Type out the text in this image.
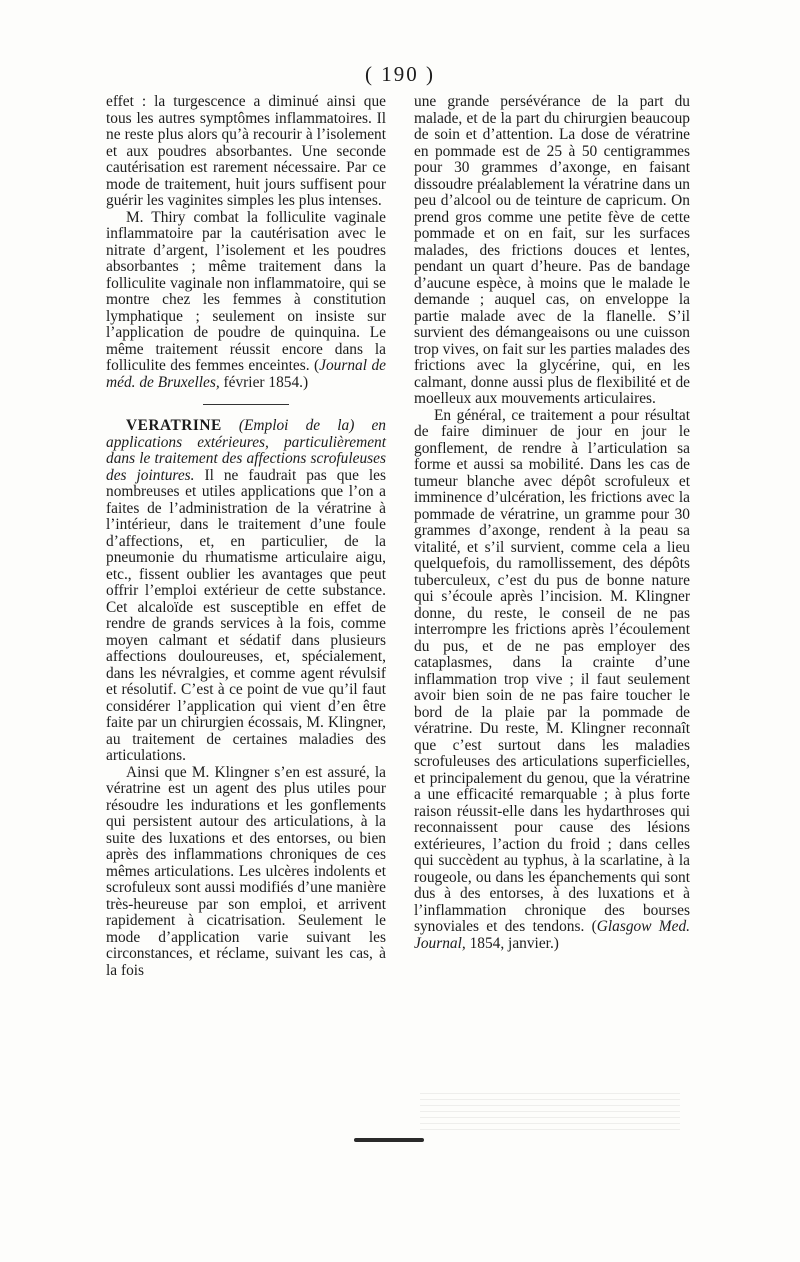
( 190 )

effet : la turgescence a diminué ainsi que tous les autres symptômes inflammatoires. Il ne reste plus alors qu’à recourir à l’isolement et aux poudres absorbantes. Une seconde cautérisation est rarement nécessaire. Par ce mode de traitement, huit jours suffisent pour guérir les vaginites simples les plus intenses.

M. Thiry combat la folliculite vaginale inflammatoire par la cautérisation avec le nitrate d’argent, l’isolement et les poudres absorbantes ; même traitement dans la folliculite vaginale non inflammatoire, qui se montre chez les femmes à constitution lymphatique ; seulement on insiste sur l’application de poudre de quinquina. Le même traitement réussit encore dans la folliculite des femmes enceintes. (Journal de méd. de Bruxelles, février 1854.)

VERATRINE (Emploi de la) en applications extérieures, particulièrement dans le traitement des affections scrofuleuses des jointures. Il ne faudrait pas que les nombreuses et utiles applications que l’on a faites de l’administration de la vératrine à l’intérieur, dans le traitement d’une foule d’affections, et, en particulier, de la pneumonie du rhumatisme articulaire aigu, etc., fissent oublier les avantages que peut offrir l’emploi extérieur de cette substance. Cet alcaloïde est susceptible en effet de rendre de grands services à la fois, comme moyen calmant et sédatif dans plusieurs affections douloureuses, et, spécialement, dans les névralgies, et comme agent révulsif et résolutif. C’est à ce point de vue qu’il faut considérer l’application qui vient d’en être faite par un chirurgien écossais, M. Klingner, au traitement de certaines maladies des articulations.

Ainsi que M. Klingner s’en est assuré, la vératrine est un agent des plus utiles pour résoudre les indurations et les gonflements qui persistent autour des articulations, à la suite des luxations et des entorses, ou bien après des inflammations chroniques de ces mêmes articulations. Les ulcères indolents et scrofuleux sont aussi modifiés d’une manière très-heureuse par son emploi, et arrivent rapidement à cicatrisation. Seulement le mode d’application varie suivant les circonstances, et réclame, suivant les cas, à la fois

une grande persévérance de la part du malade, et de la part du chirurgien beaucoup de soin et d’attention. La dose de vératrine en pommade est de 25 à 50 centigrammes pour 30 grammes d’axonge, en faisant dissoudre préalablement la vératrine dans un peu d’alcool ou de teinture de capricum. On prend gros comme une petite fève de cette pommade et on en fait, sur les surfaces malades, des frictions douces et lentes, pendant un quart d’heure. Pas de bandage d’aucune espèce, à moins que le malade le demande ; auquel cas, on enveloppe la partie malade avec de la flanelle. S’il survient des démangeaisons ou une cuisson trop vives, on fait sur les parties malades des frictions avec la glycérine, qui, en les calmant, donne aussi plus de flexibilité et de moelleux aux mouvements articulaires.

En général, ce traitement a pour résultat de faire diminuer de jour en jour le gonflement, de rendre à l’articulation sa forme et aussi sa mobilité. Dans les cas de tumeur blanche avec dépôt scrofuleux et imminence d’ulcération, les frictions avec la pommade de vératrine, un gramme pour 30 grammes d’axonge, rendent à la peau sa vitalité, et s’il survient, comme cela a lieu quelquefois, du ramollissement, des dépôts tuberculeux, c’est du pus de bonne nature qui s’écoule après l’incision. M. Klingner donne, du reste, le conseil de ne pas interrompre les frictions après l’écoulement du pus, et de ne pas employer des cataplasmes, dans la crainte d’une inflammation trop vive ; il faut seulement avoir bien soin de ne pas faire toucher le bord de la plaie par la pommade de vératrine. Du reste, M. Klingner reconnaît que c’est surtout dans les maladies scrofuleuses des articulations superficielles, et principalement du genou, que la vératrine a une efficacité remarquable ; à plus forte raison réussit-elle dans les hydarthroses qui reconnaissent pour cause des lésions extérieures, l’action du froid ; dans celles qui succèdent au typhus, à la scarlatine, à la rougeole, ou dans les épanchements qui sont dus à des entorses, à des luxations et à l’inflammation chronique des bourses synoviales et des tendons. (Glasgow Med. Journal, 1854, janvier.)
